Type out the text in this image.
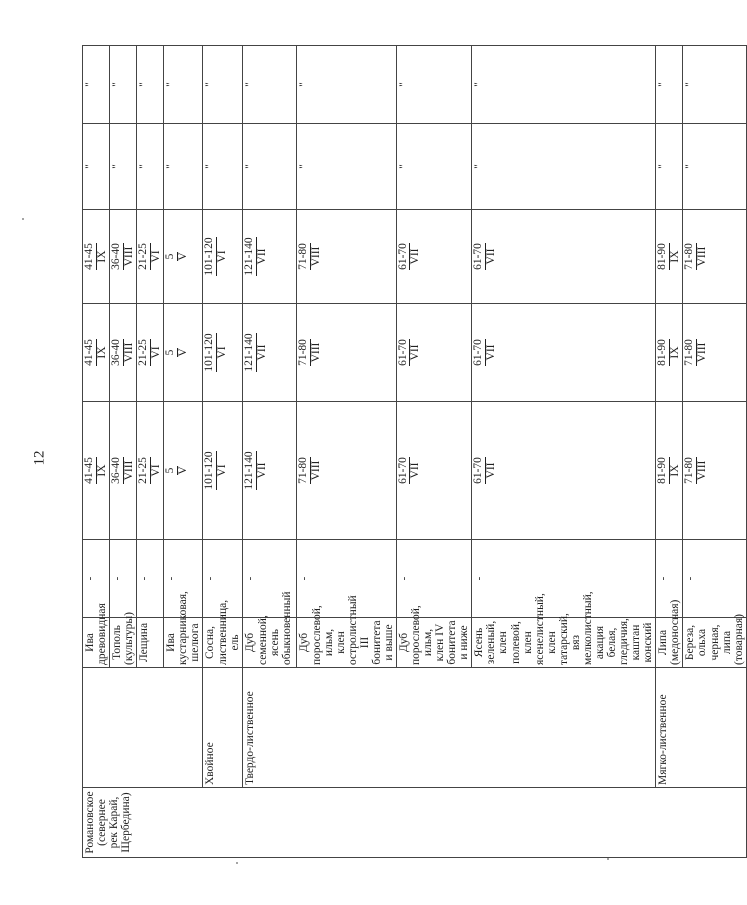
12
Романовское (севернее рек Карай, Щербедина)		Ива древовидная	-	41-45 IX	41-45 IX	41-45 IX	"	"
		Тополь (культуры)	-	36-40 VIII	36-40 VIII	36-40 VIII	"	"
		Лещина	-	21-25 VI	21-25 VI	21-25 VI	"	"
		Ива кустарниковая, шелюга	-	5 V	5 V	5 V	"	"
	Хвойное	Сосна, лиственница, ель	-	101-120 VI	101-120 VI	101-120 VI	"	"
	Твердо-лиственное	Дуб семенной, ясень обыкновенный	-	121-140 VII	121-140 VII	121-140 VII	"	"
		Дуб порослевой, ильм, клен остролистный III бонитета и выше	-	71-80 VIII	71-80 VIII	71-80 VIII	"	"
		Дуб порослевой, ильм, клен IV бонитета и ниже	-	61-70 VII	61-70 VII	61-70 VII	"	"
		Ясень зеленый, клен полевой, клен ясенелистный, клен татарский, вяз мелколистный, акация белая, гледичия, каштан конский	-	61-70 VII	61-70 VII	61-70 VII	"	"
	Мягко-лиственное	Липа (медоносная)	-	81-90 IX	81-90 IX	81-90 IX	"	"
		Береза, ольха черная, липа (товарная)	-	71-80 VIII	71-80 VIII	71-80 VIII	"	"
